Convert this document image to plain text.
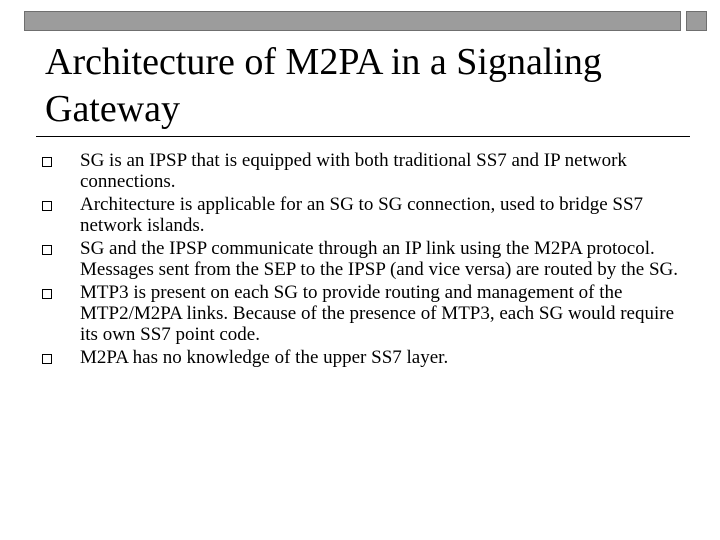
Architecture of M2PA in a Signaling Gateway
SG is an IPSP that is equipped with both traditional SS7 and IP network connections.
Architecture is applicable for an SG to SG connection, used to bridge SS7 network islands.
SG and the IPSP communicate through an IP link using the M2PA protocol. Messages sent from the SEP to the IPSP (and vice versa) are routed by the SG.
MTP3 is present on each SG to provide routing and management of the MTP2/M2PA links. Because of the presence of MTP3, each SG would require its own SS7 point code.
M2PA has no knowledge of the upper SS7 layer.
